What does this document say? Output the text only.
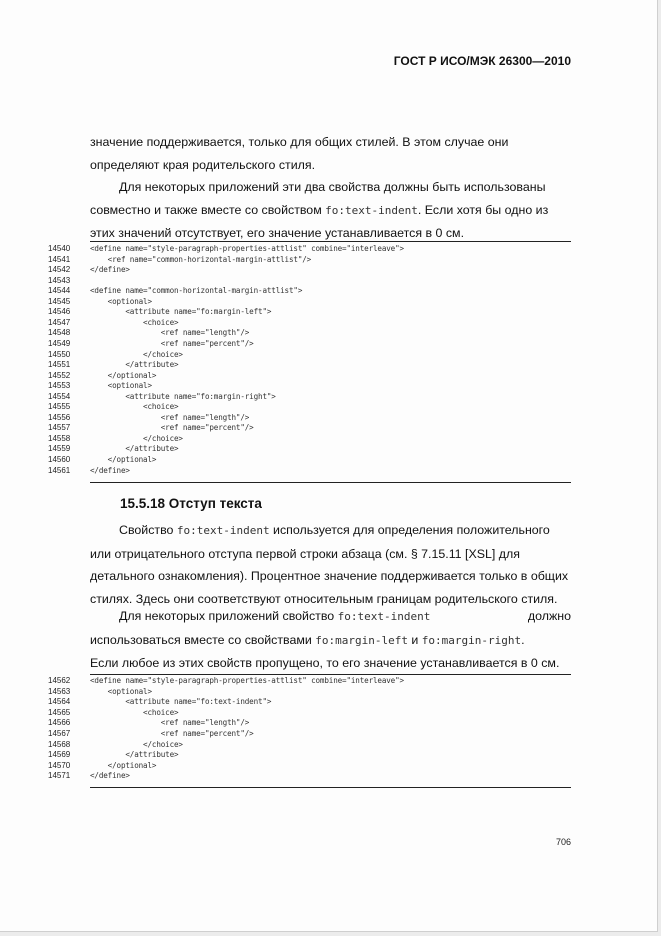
ГОСТ Р ИСО/МЭК 26300—2010
значение поддерживается, только для общих стилей. В этом случае они
определяют края родительского стиля.
Для некоторых приложений эти два свойства должны быть использованы
совместно и также вместе со свойством fo:text-indent. Если хотя бы одно из
этих значений отсутствует, его значение устанавливается в 0 см.
14540	<define name="style-paragraph-properties-attlist" combine="interleave">
14541	<ref name="common-horizontal-margin-attlist"/>
14542	</define>
14543
14544	<define name="common-horizontal-margin-attlist">
14545	<optional>
14546	<attribute name="fo:margin-left">
14547	<choice>
14548	<ref name="length"/>
14549	<ref name="percent"/>
14550	</choice>
14551	</attribute>
14552	</optional>
14553	<optional>
14554	<attribute name="fo:margin-right">
14555	<choice>
14556	<ref name="length"/>
14557	<ref name="percent"/>
14558	</choice>
14559	</attribute>
14560	</optional>
14561	</define>
15.5.18 Отступ текста
Свойство fo:text-indent используется для определения положительного
или отрицательного отступа первой строки абзаца (см. § 7.15.11 [XSL] для
детального ознакомления). Процентное значение поддерживается только в общих
стилях. Здесь они соответствуют относительным границам родительского стиля.
Для некоторых приложений свойство fo:text-indent	должно
использоваться вместе со свойствами fo:margin-left и fo:margin-right.
Если любое из этих свойств пропущено, то его значение устанавливается в 0 см.
14562	<define name="style-paragraph-properties-attlist" combine="interleave">
14563	<optional>
14564	<attribute name="fo:text-indent">
14565	<choice>
14566	<ref name="length"/>
14567	<ref name="percent"/>
14568	</choice>
14569	</attribute>
14570	</optional>
14571	</define>
706
